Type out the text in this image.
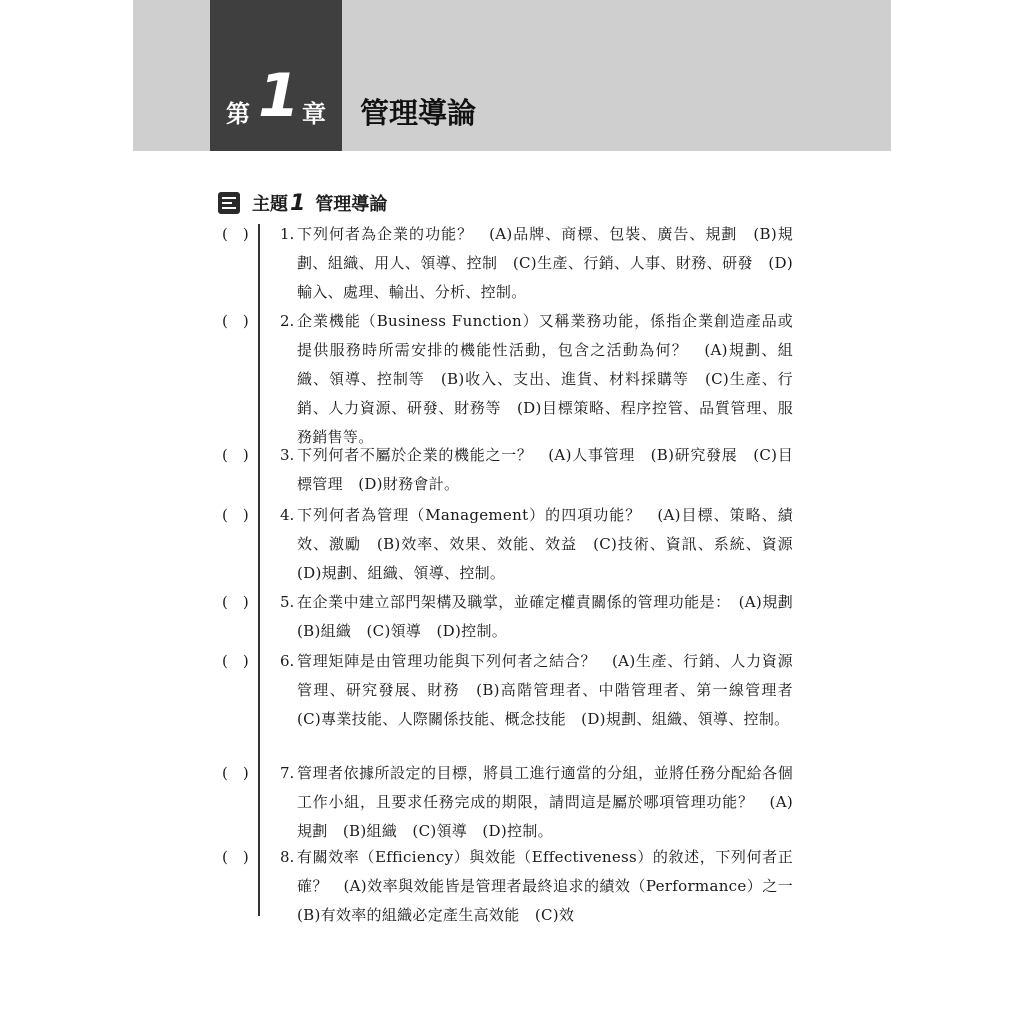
第 1 章 管理導論
主題 1 管理導論
(　) 1. 下列何者為企業的功能？　(A)品牌、商標、包裝、廣告、規劃　(B)規劃、組織、用人、領導、控制　(C)生產、行銷、人事、財務、研發　(D)輸入、處理、輸出、分析、控制。
(　) 2. 企業機能（Business Function）又稱業務功能，係指企業創造產品或提供服務時所需安排的機能性活動，包含之活動為何？　(A)規劃、組織、領導、控制等　(B)收入、支出、進貨、材料採購等　(C)生產、行銷、人力資源、研發、財務等　(D)目標策略、程序控管、品質管理、服務銷售等。
(　) 3. 下列何者不屬於企業的機能之一？　(A)人事管理　(B)研究發展　(C)目標管理　(D)財務會計。
(　) 4. 下列何者為管理（Management）的四項功能？　(A)目標、策略、績效、激勵　(B)效率、效果、效能、效益　(C)技術、資訊、系統、資源　(D)規劃、組織、領導、控制。
(　) 5. 在企業中建立部門架構及職掌，並確定權責關係的管理功能是：　(A)規劃　(B)組織　(C)領導　(D)控制。
(　) 6. 管理矩陣是由管理功能與下列何者之結合？　(A)生產、行銷、人力資源管理、研究發展、財務　(B)高階管理者、中階管理者、第一線管理者　(C)專業技能、人際關係技能、概念技能　(D)規劃、組織、領導、控制。
(　) 7. 管理者依據所設定的目標，將員工進行適當的分組，並將任務分配給各個工作小組，且要求任務完成的期限，請問這是屬於哪項管理功能？　(A)規劃　(B)組織　(C)領導　(D)控制。
(　) 8. 有關效率（Efficiency）與效能（Effectiveness）的敘述，下列何者正確？　(A)效率與效能皆是管理者最終追求的績效（Performance）之一　(B)有效率的組織必定產生高效能　(C)效
